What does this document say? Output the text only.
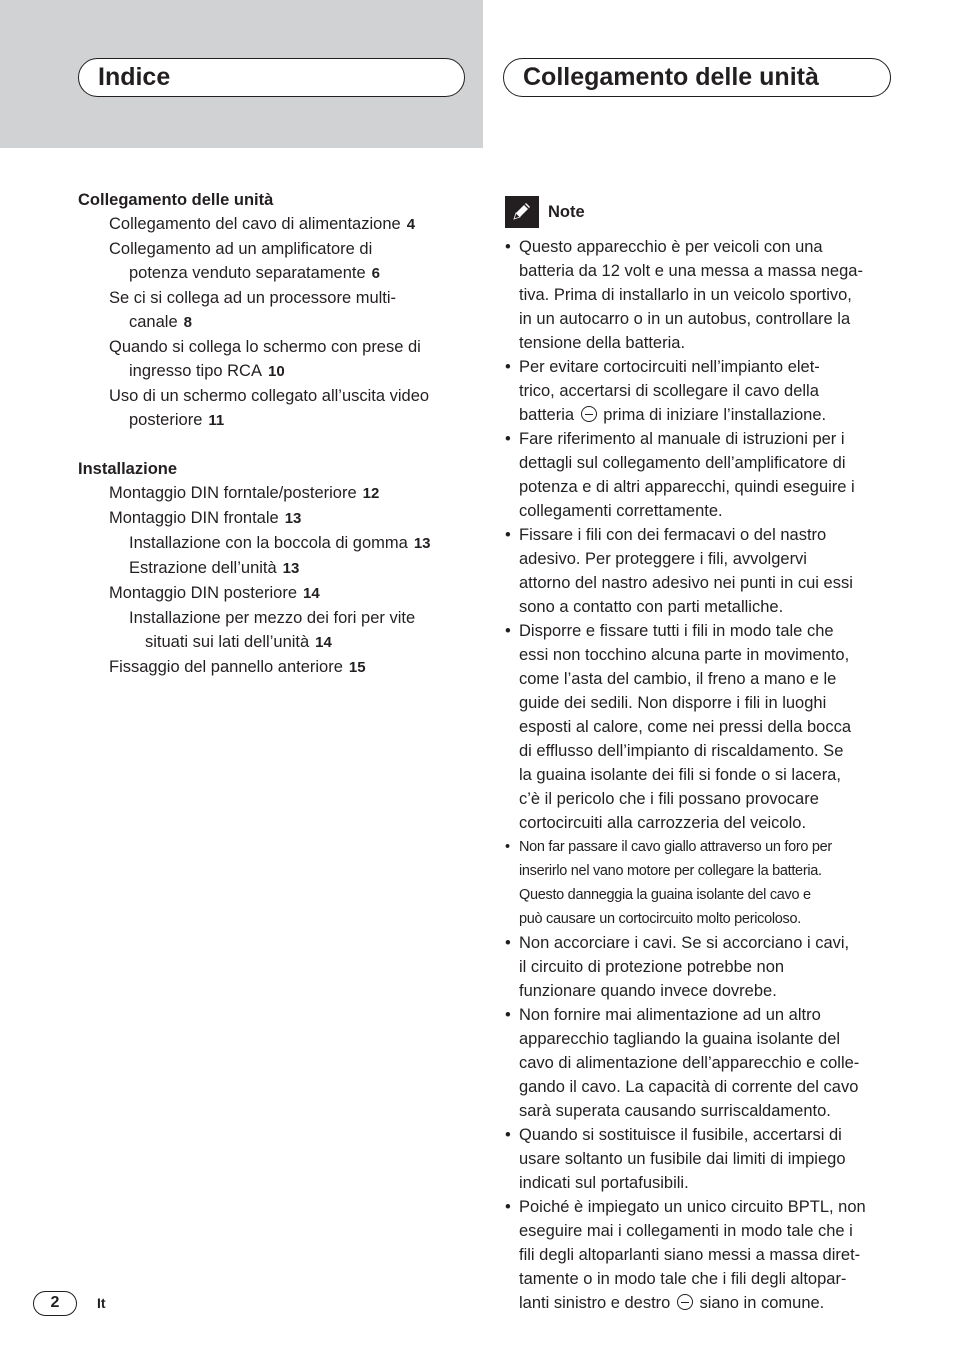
Indice	Collegamento delle unità
Collegamento delle unità
Collegamento del cavo di alimentazione 4
Collegamento ad un amplificatore di
potenza venduto separatamente 6
Se ci si collega ad un processore multi-
canale 8
Quando si collega lo schermo con prese di
ingresso tipo RCA 10
Uso di un schermo collegato all’uscita video
posteriore 11
Installazione
Montaggio DIN forntale/posteriore 12
Montaggio DIN frontale 13
Installazione con la boccola di gomma 13
Estrazione dell’unità 13
Montaggio DIN posteriore 14
Installazione per mezzo dei fori per vite
situati sui lati dell’unità 14
Fissaggio del pannello anteriore 15
Note
• Questo apparecchio è per veicoli con una
batteria da 12 volt e una messa a massa nega-
tiva. Prima di installarlo in un veicolo sportivo,
in un autocarro o in un autobus, controllare la
tensione della batteria.
• Per evitare cortocircuiti nell’impianto elet-
trico, accertarsi di scollegare il cavo della
batteria prima di iniziare l’installazione.
• Fare riferimento al manuale di istruzioni per i
dettagli sul collegamento dell’amplificatore di
potenza e di altri apparecchi, quindi eseguire i
collegamenti correttamente.
• Fissare i fili con dei fermacavi o del nastro
adesivo. Per proteggere i fili, avvolgervi
attorno del nastro adesivo nei punti in cui essi
sono a contatto con parti metalliche.
• Disporre e fissare tutti i fili in modo tale che
essi non tocchino alcuna parte in movimento,
come l’asta del cambio, il freno a mano e le
guide dei sedili. Non disporre i fili in luoghi
esposti al calore, come nei pressi della bocca
di efflusso dell’impianto di riscaldamento. Se
la guaina isolante dei fili si fonde o si lacera,
c’è il pericolo che i fili possano provocare
cortocircuiti alla carrozzeria del veicolo.
• Non far passare il cavo giallo attraverso un foro per
inserirlo nel vano motore per collegare la batteria.
Questo danneggia la guaina isolante del cavo e
può causare un cortocircuito molto pericoloso.
• Non accorciare i cavi. Se si accorciano i cavi,
il circuito di protezione potrebbe non
funzionare quando invece dovrebe.
• Non fornire mai alimentazione ad un altro
apparecchio tagliando la guaina isolante del
cavo di alimentazione dell’apparecchio e colle-
gando il cavo. La capacità di corrente del cavo
sarà superata causando surriscaldamento.
• Quando si sostituisce il fusibile, accertarsi di
usare soltanto un fusibile dai limiti di impiego
indicati sul portafusibili.
• Poiché è impiegato un unico circuito BPTL, non
eseguire mai i collegamenti in modo tale che i
fili degli altoparlanti siano messi a massa diret-
tamente o in modo tale che i fili degli altopar-
lanti sinistro e destro siano in comune.
2	It
